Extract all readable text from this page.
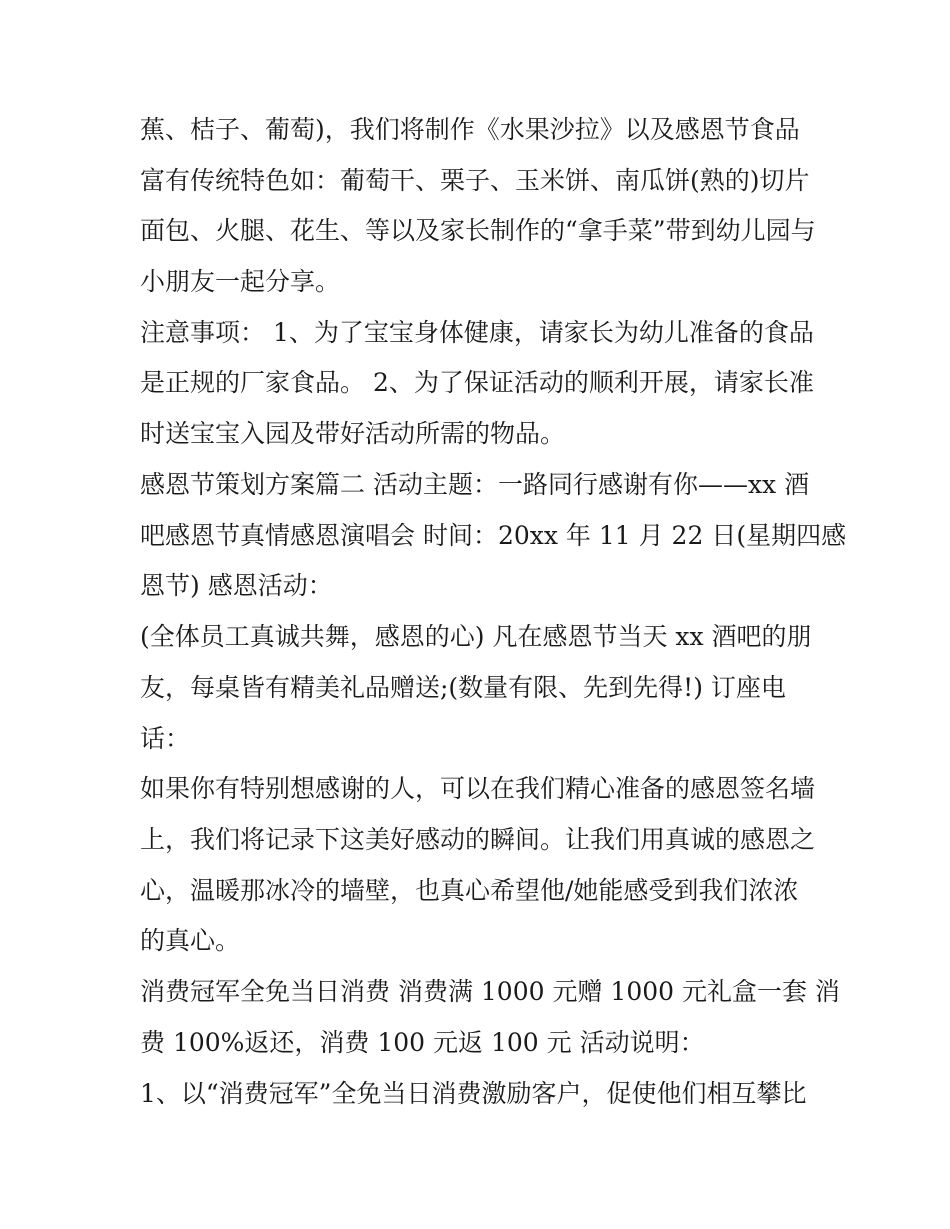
蕉、桔子、葡萄)，我们将制作《水果沙拉》以及感恩节食品
富有传统特色如：葡萄干、栗子、玉米饼、南瓜饼(熟的)切片
面包、火腿、花生、等以及家长制作的“拿手菜”带到幼儿园与
小朋友一起分享。
注意事项： 1、为了宝宝身体健康，请家长为幼儿准备的食品
是正规的厂家食品。 2、为了保证活动的顺利开展，请家长准
时送宝宝入园及带好活动所需的物品。
感恩节策划方案篇二 活动主题：一路同行感谢有你——xx 酒
吧感恩节真情感恩演唱会 时间：20xx 年 11 月 22 日(星期四感
恩节) 感恩活动：
(全体员工真诚共舞，感恩的心) 凡在感恩节当天 xx 酒吧的朋
友，每桌皆有精美礼品赠送;(数量有限、先到先得!) 订座电
话：
如果你有特别想感谢的人，可以在我们精心准备的感恩签名墙
上，我们将记录下这美好感动的瞬间。让我们用真诚的感恩之
心，温暖那冰冷的墙壁，也真心希望他/她能感受到我们浓浓
的真心。
消费冠军全免当日消费 消费满 1000 元赠 1000 元礼盒一套 消
费 100%返还，消费 100 元返 100 元 活动说明：
1、以“消费冠军”全免当日消费激励客户，促使他们相互攀比
